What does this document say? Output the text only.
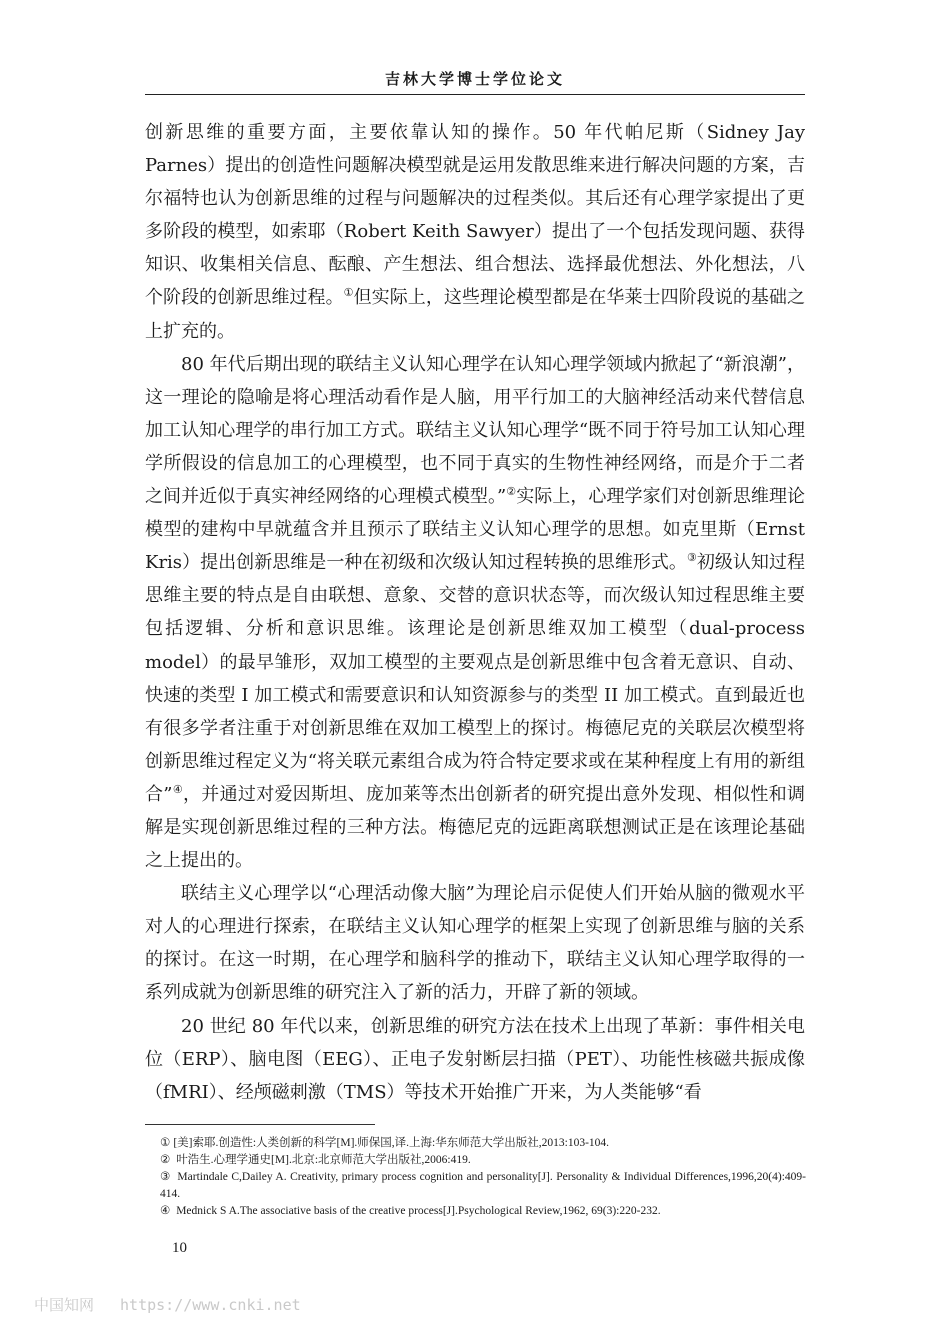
吉林大学博士学位论文

创新思维的重要方面，主要依靠认知的操作。50 年代帕尼斯（Sidney Jay Parnes）提出的创造性问题解决模型就是运用发散思维来进行解决问题的方案，吉尔福特也认为创新思维的过程与问题解决的过程类似。其后还有心理学家提出了更多阶段的模型，如索耶（Robert Keith Sawyer）提出了一个包括发现问题、获得知识、收集相关信息、酝酿、产生想法、组合想法、选择最优想法、外化想法，八个阶段的创新思维过程。①但实际上，这些理论模型都是在华莱士四阶段说的基础之上扩充的。

80 年代后期出现的联结主义认知心理学在认知心理学领域内掀起了“新浪潮”，这一理论的隐喻是将心理活动看作是人脑，用平行加工的大脑神经活动来代替信息加工认知心理学的串行加工方式。联结主义认知心理学“既不同于符号加工认知心理学所假设的信息加工的心理模型，也不同于真实的生物性神经网络，而是介于二者之间并近似于真实神经网络的心理模式模型。”②实际上，心理学家们对创新思维理论模型的建构中早就蕴含并且预示了联结主义认知心理学的思想。如克里斯（Ernst Kris）提出创新思维是一种在初级和次级认知过程转换的思维形式。③初级认知过程思维主要的特点是自由联想、意象、交替的意识状态等，而次级认知过程思维主要包括逻辑、分析和意识思维。该理论是创新思维双加工模型（dual-process model）的最早雏形，双加工模型的主要观点是创新思维中包含着无意识、自动、快速的类型 I 加工模式和需要意识和认知资源参与的类型 II 加工模式。直到最近也有很多学者注重于对创新思维在双加工模型上的探讨。梅德尼克的关联层次模型将创新思维过程定义为“将关联元素组合成为符合特定要求或在某种程度上有用的新组合”④，并通过对爱因斯坦、庞加莱等杰出创新者的研究提出意外发现、相似性和调解是实现创新思维过程的三种方法。梅德尼克的远距离联想测试正是在该理论基础之上提出的。

联结主义心理学以“心理活动像大脑”为理论启示促使人们开始从脑的微观水平对人的心理进行探索，在联结主义认知心理学的框架上实现了创新思维与脑的关系的探讨。在这一时期，在心理学和脑科学的推动下，联结主义认知心理学取得的一系列成就为创新思维的研究注入了新的活力，开辟了新的领域。

20 世纪 80 年代以来，创新思维的研究方法在技术上出现了革新：事件相关电位（ERP）、脑电图（EEG）、正电子发射断层扫描（PET）、功能性核磁共振成像（fMRI）、经颅磁刺激（TMS）等技术开始推广开来，为人类能够“看

① [美]索耶.创造性:人类创新的科学[M].师保国,译.上海:华东师范大学出版社,2013:103-104.

② 叶浩生.心理学通史[M].北京:北京师范大学出版社,2006:419.

③ Martindale C,Dailey A. Creativity, primary process cognition and personality[J]. Personality & Individual Differences,1996,20(4):409-414.

④ Mednick S A.The associative basis of the creative process[J].Psychological Review,1962, 69(3):220-232.

10
中国知网 https://www.cnki.net
